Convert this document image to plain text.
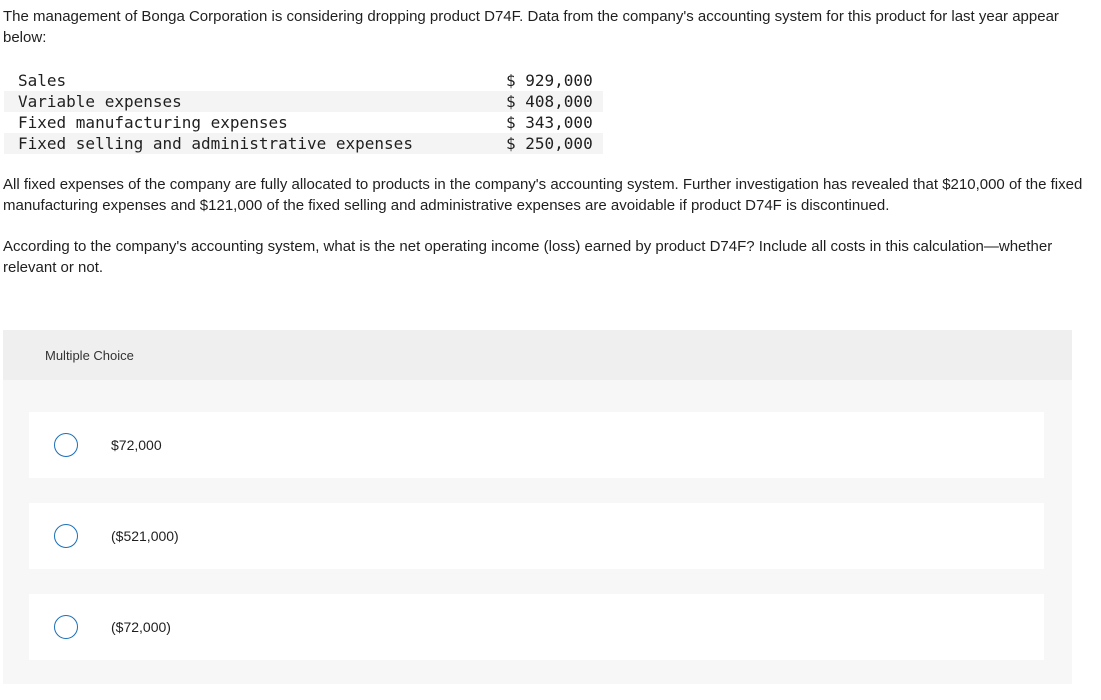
The management of Bonga Corporation is considering dropping product D74F. Data from the company's accounting system for this product for last year appear below:

Sales	$ 929,000
Variable expenses	$ 408,000
Fixed manufacturing expenses	$ 343,000
Fixed selling and administrative expenses	$ 250,000

All fixed expenses of the company are fully allocated to products in the company's accounting system. Further investigation has revealed that $210,000 of the fixed manufacturing expenses and $121,000 of the fixed selling and administrative expenses are avoidable if product D74F is discontinued.

According to the company's accounting system, what is the net operating income (loss) earned by product D74F? Include all costs in this calculation—whether relevant or not.

Multiple Choice
$72,000
($521,000)
($72,000)
